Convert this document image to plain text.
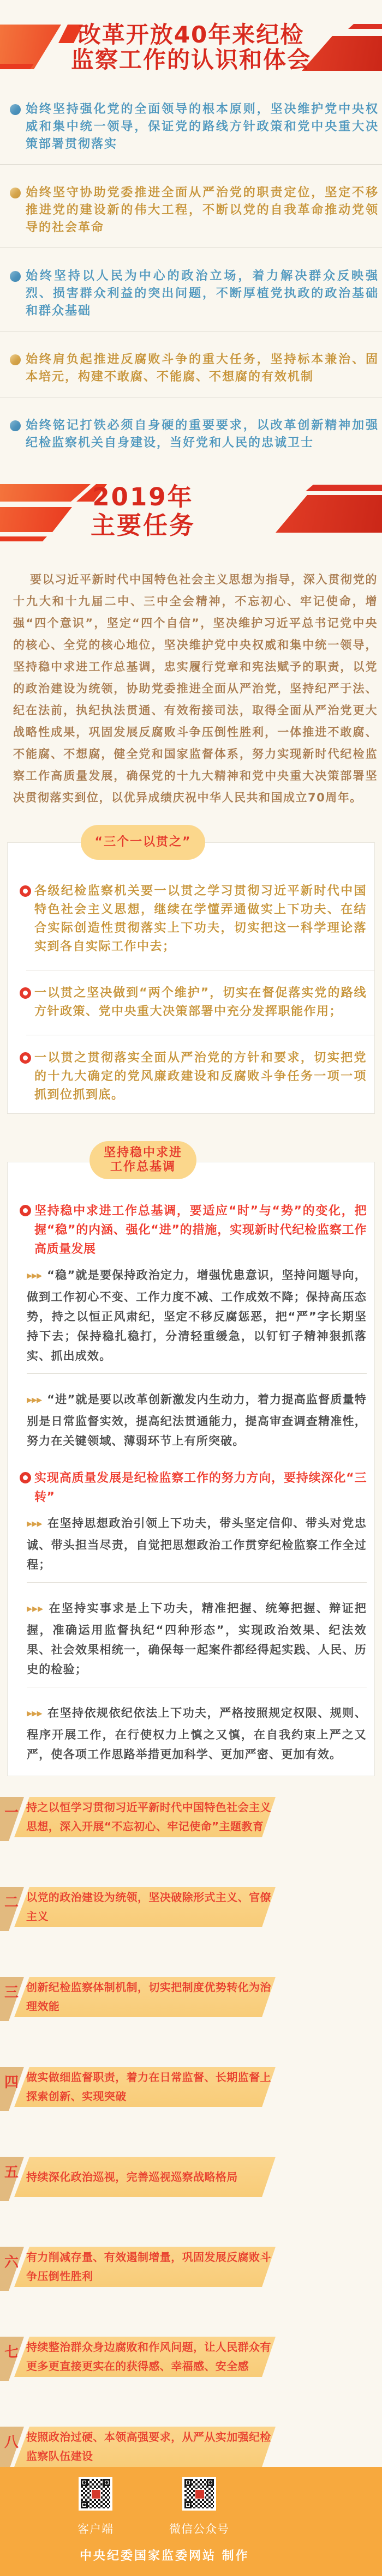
改革开放40年来纪检
监察工作的认识和体会
始终坚持强化党的全面领导的根本原则，坚决维护党中央权威和集中统一领导，保证党的路线方针政策和党中央重大决策部署贯彻落实
始终坚守协助党委推进全面从严治党的职责定位，坚定不移推进党的建设新的伟大工程，不断以党的自我革命推动党领导的社会革命
始终坚持以人民为中心的政治立场，着力解决群众反映强烈、损害群众利益的突出问题，不断厚植党执政的政治基础和群众基础
始终肩负起推进反腐败斗争的重大任务，坚持标本兼治、固本培元，构建不敢腐、不能腐、不想腐的有效机制
始终铭记打铁必须自身硬的重要要求，以改革创新精神加强纪检监察机关自身建设，当好党和人民的忠诚卫士
2019年
主要任务

要以习近平新时代中国特色社会主义思想为指导，深入贯彻党的十九大和十九届二中、三中全会精神，不忘初心、牢记使命，增强“四个意识”，坚定“四个自信”，坚决维护习近平总书记党中央的核心、全党的核心地位，坚决维护党中央权威和集中统一领导，坚持稳中求进工作总基调，忠实履行党章和宪法赋予的职责，以党的政治建设为统领，协助党委推进全面从严治党，坚持纪严于法、纪在法前，执纪执法贯通、有效衔接司法，取得全面从严治党更大战略性成果，巩固发展反腐败斗争压倒性胜利，一体推进不敢腐、不能腐、不想腐，健全党和国家监督体系，努力实现新时代纪检监察工作高质量发展，确保党的十九大精神和党中央重大决策部署坚决贯彻落实到位，以优异成绩庆祝中华人民共和国成立70周年。

“三个一以贯之”
各级纪检监察机关要一以贯之学习贯彻习近平新时代中国特色社会主义思想，继续在学懂弄通做实上下功夫、在结合实际创造性贯彻落实上下功夫，切实把这一科学理论落实到各自实际工作中去；
一以贯之坚决做到“两个维护”，切实在督促落实党的路线方针政策、党中央重大决策部署中充分发挥职能作用；
一以贯之贯彻落实全面从严治党的方针和要求，切实把党的十九大确定的党风廉政建设和反腐败斗争任务一项一项抓到位抓到底。
坚持稳中求进
工作总基调
坚持稳中求进工作总基调，要适应“时”与“势”的变化，把握“稳”的内涵、强化“进”的措施，实现新时代纪检监察工作高质量发展

▶▶▶ “稳”就是要保持政治定力，增强忧患意识，坚持问题导向，做到工作初心不变、工作力度不减、工作成效不降；保持高压态势，持之以恒正风肃纪，坚定不移反腐惩恶，把“严”字长期坚持下去；保持稳扎稳打，分清轻重缓急，以钉钉子精神狠抓落实、抓出成效。

▶▶▶ “进”就是要以改革创新激发内生动力，着力提高监督质量特别是日常监督实效，提高纪法贯通能力，提高审查调查精准性，努力在关键领域、薄弱环节上有所突破。

实现高质量发展是纪检监察工作的努力方向，要持续深化“三转”

▶▶▶ 在坚持思想政治引领上下功夫，带头坚定信仰、带头对党忠诚、带头担当尽责，自觉把思想政治工作贯穿纪检监察工作全过程；

▶▶▶ 在坚持实事求是上下功夫，精准把握、统筹把握、辩证把握，准确运用监督执纪“四种形态”，实现政治效果、纪法效果、社会效果相统一，确保每一起案件都经得起实践、人民、历史的检验；

▶▶▶ 在坚持依规依纪依法上下功夫，严格按照规定权限、规则、程序开展工作，在行使权力上慎之又慎，在自我约束上严之又严，使各项工作思路举措更加科学、更加严密、更加有效。

一 持之以恒学习贯彻习近平新时代中国特色社会主义思想，深入开展“不忘初心、牢记使命”主题教育
二 以党的政治建设为统领，坚决破除形式主义、官僚主义
三 创新纪检监察体制机制，切实把制度优势转化为治理效能
四 做实做细监督职责，着力在日常监督、长期监督上探索创新、实现突破
五 持续深化政治巡视，完善巡视巡察战略格局
六 有力削减存量、有效遏制增量，巩固发展反腐败斗争压倒性胜利
七 持续整治群众身边腐败和作风问题，让人民群众有更多更直接更实在的获得感、幸福感、安全感
八 按照政治过硬、本领高强要求，从严从实加强纪检监察队伍建设
客户端	微信公众号
中央纪委国家监委网站 制作
